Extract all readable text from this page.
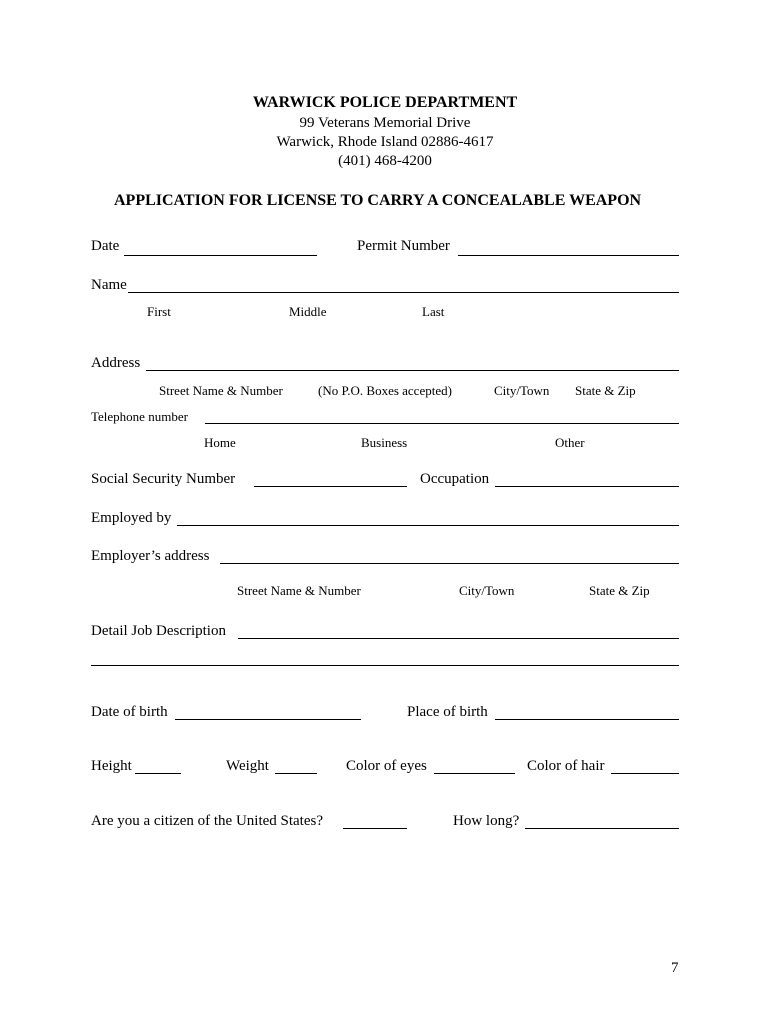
WARWICK POLICE DEPARTMENT
99 Veterans Memorial Drive
Warwick, Rhode Island 02886-4617
(401) 468-4200
APPLICATION FOR LICENSE TO CARRY A CONCEALABLE WEAPON
Date	Permit Number
Name
First	Middle	Last
Address
Street Name & Number	(No P.O. Boxes accepted)	City/Town State & Zip
Telephone number
Home	Business	Other
Social Security Number	Occupation
Employed by
Employer’s address
Street Name & Number	City/Town	State & Zip
Detail Job Description
Date of birth	Place of birth
Height	Weight	Color of eyes	Color of hair
Are you a citizen of the United States?	How long?
7
